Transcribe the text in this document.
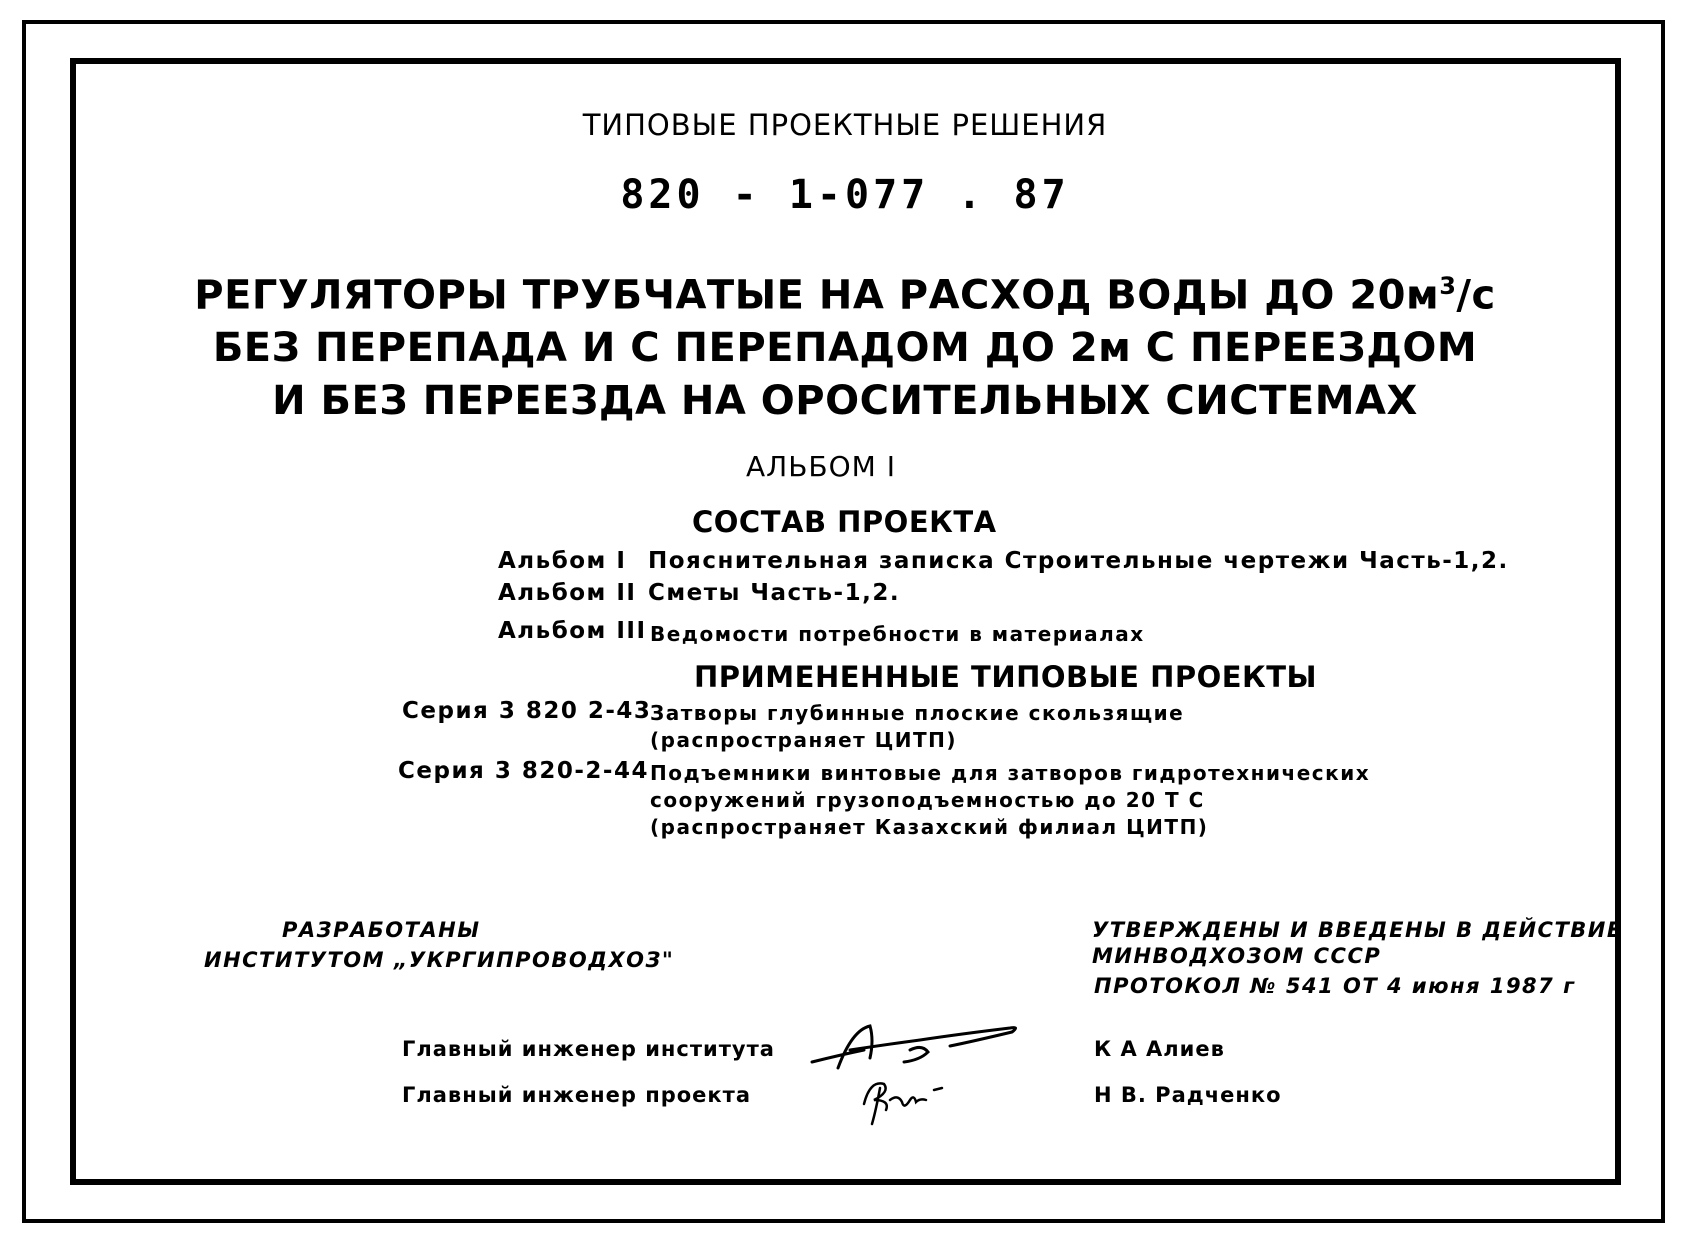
ТИПОВЫЕ ПРОЕКТНЫЕ РЕШЕНИЯ
820 - 1-077 . 87
РЕГУЛЯТОРЫ ТРУБЧАТЫЕ НА РАСХОД ВОДЫ ДО $20м^3/с$
БЕЗ ПЕРЕПАДА И С ПЕРЕПАДОМ ДО 2м С ПЕРЕЕЗДОМ
И БЕЗ ПЕРЕЕЗДА НА ОРОСИТЕЛЬНЫХ СИСТЕМАХ
АЛЬБОМ I
СОСТАВ ПРОЕКТА
Альбом I Пояснительная записка Строительные чертежи Часть-1,2.
Альбом II Сметы Часть-1,2.
Альбом III Ведомости потребности в материалах
ПРИМЕНЕННЫЕ ТИПОВЫЕ ПРОЕКТЫ
Серия 3 820 2-43
Затворы глубинные плоские скользящие
(распространяет ЦИТП)
Серия 3 820-2-44 Подъемники винтовые для затворов гидротехнических
сооружений грузоподъемностью до 20 Т С
(распространяет Казахский филиал ЦИТП)
РАЗРАБОТАНЫ
ИНСТИТУТОМ „УКРГИПРОВОДХОЗ"
УТВЕРЖДЕНЫ И ВВЕДЕНЫ В ДЕЙСТВИЕ
МИНВОДХОЗОМ СССР
ПРОТОКОЛ № 541 ОТ 4 июня 1987 г
Главный инженер института	К А Алиев
Главный инженер проекта	Н В. Радченко
